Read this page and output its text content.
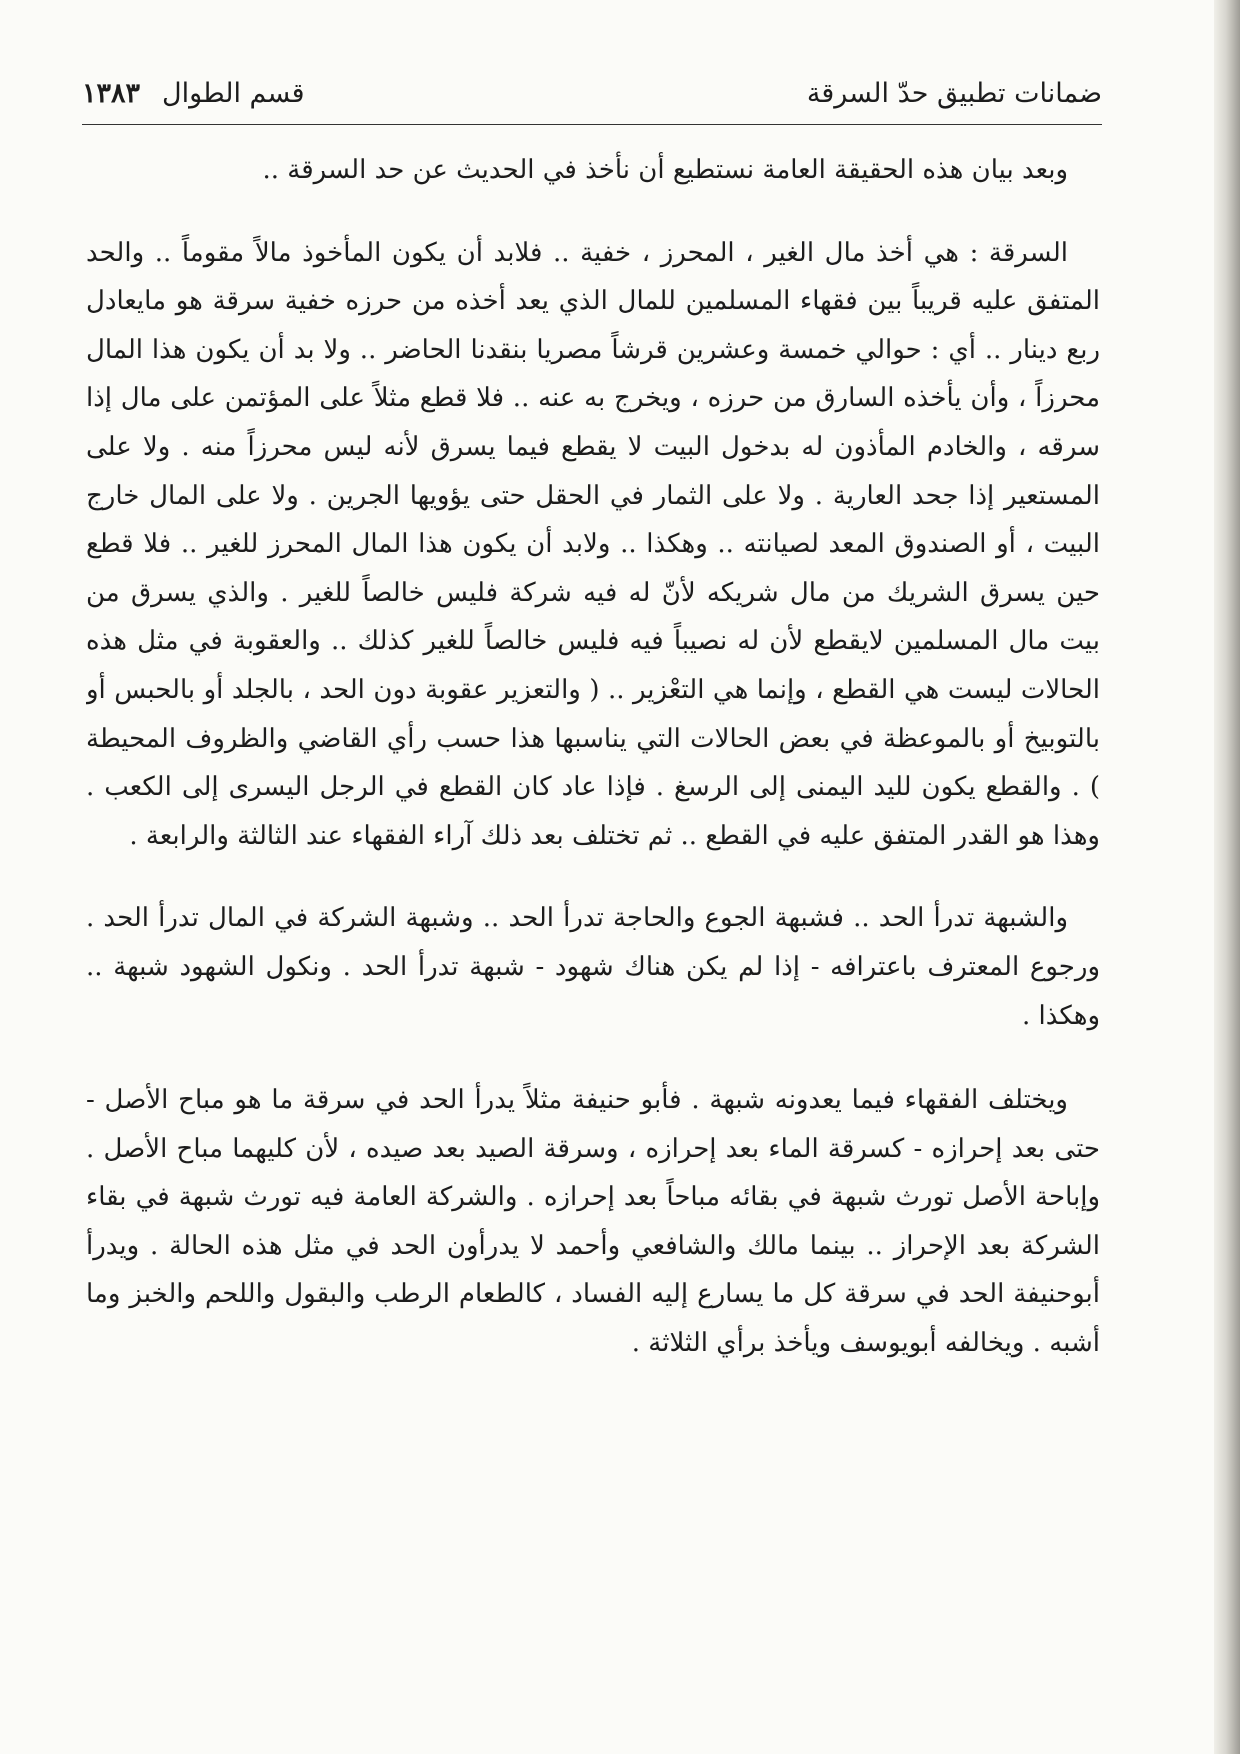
ضمانات تطبيق حدّ السرقة
قسم الطوال١٣٨٣

وبعد بيان هذه الحقيقة العامة نستطيع أن نأخذ في الحديث عن حد السرقة ..

السرقة : هي أخذ مال الغير ، المحرز ، خفية .. فلابد أن يكون المأخوذ مالاً مقوماً .. والحد المتفق عليه قريباً بين فقهاء المسلمين للمال الذي يعد أخذه من حرزه خفية سرقة هو مايعادل ربع دينار .. أي : حوالي خمسة وعشرين قرشاً مصريا بنقدنا الحاضر .. ولا بد أن يكون هذا المال محرزاً ، وأن يأخذه السارق من حرزه ، ويخرج به عنه .. فلا قطع مثلاً على المؤتمن على مال إذا سرقه ، والخادم المأذون له بدخول البيت لا يقطع فيما يسرق لأنه ليس محرزاً منه . ولا على المستعير إذا جحد العارية . ولا على الثمار في الحقل حتى يؤويها الجرين . ولا على المال خارج البيت ، أو الصندوق المعد لصيانته .. وهكذا .. ولابد أن يكون هذا المال المحرز للغير .. فلا قطع حين يسرق الشريك من مال شريكه لأنّ له فيه شركة فليس خالصاً للغير . والذي يسرق من بيت مال المسلمين لايقطع لأن له نصيباً فيه فليس خالصاً للغير كذلك .. والعقوبة في مثل هذه الحالات ليست هي القطع ، وإنما هي التعْزير .. ( والتعزير عقوبة دون الحد ، بالجلد أو بالحبس أو بالتوبيخ أو بالموعظة في بعض الحالات التي يناسبها هذا حسب رأي القاضي والظروف المحيطة ) . والقطع يكون لليد اليمنى إلى الرسغ . فإذا عاد كان القطع في الرجل اليسرى إلى الكعب . وهذا هو القدر المتفق عليه في القطع .. ثم تختلف بعد ذلك آراء الفقهاء عند الثالثة والرابعة .

والشبهة تدرأ الحد .. فشبهة الجوع والحاجة تدرأ الحد .. وشبهة الشركة في المال تدرأ الحد . ورجوع المعترف باعترافه - إذا لم يكن هناك شهود - شبهة تدرأ الحد . ونكول الشهود شبهة .. وهكذا .

ويختلف الفقهاء فيما يعدونه شبهة . فأبو حنيفة مثلاً يدرأ الحد في سرقة ما هو مباح الأصل - حتى بعد إحرازه - كسرقة الماء بعد إحرازه ، وسرقة الصيد بعد صيده ، لأن كليهما مباح الأصل . وإباحة الأصل تورث شبهة في بقائه مباحاً بعد إحرازه . والشركة العامة فيه تورث شبهة في بقاء الشركة بعد الإحراز .. بينما مالك والشافعي وأحمد لا يدرأون الحد في مثل هذه الحالة . ويدرأ أبوحنيفة الحد في سرقة كل ما يسارع إليه الفساد ، كالطعام الرطب والبقول واللحم والخبز وما أشبه . ويخالفه أبويوسف ويأخذ برأي الثلاثة .
